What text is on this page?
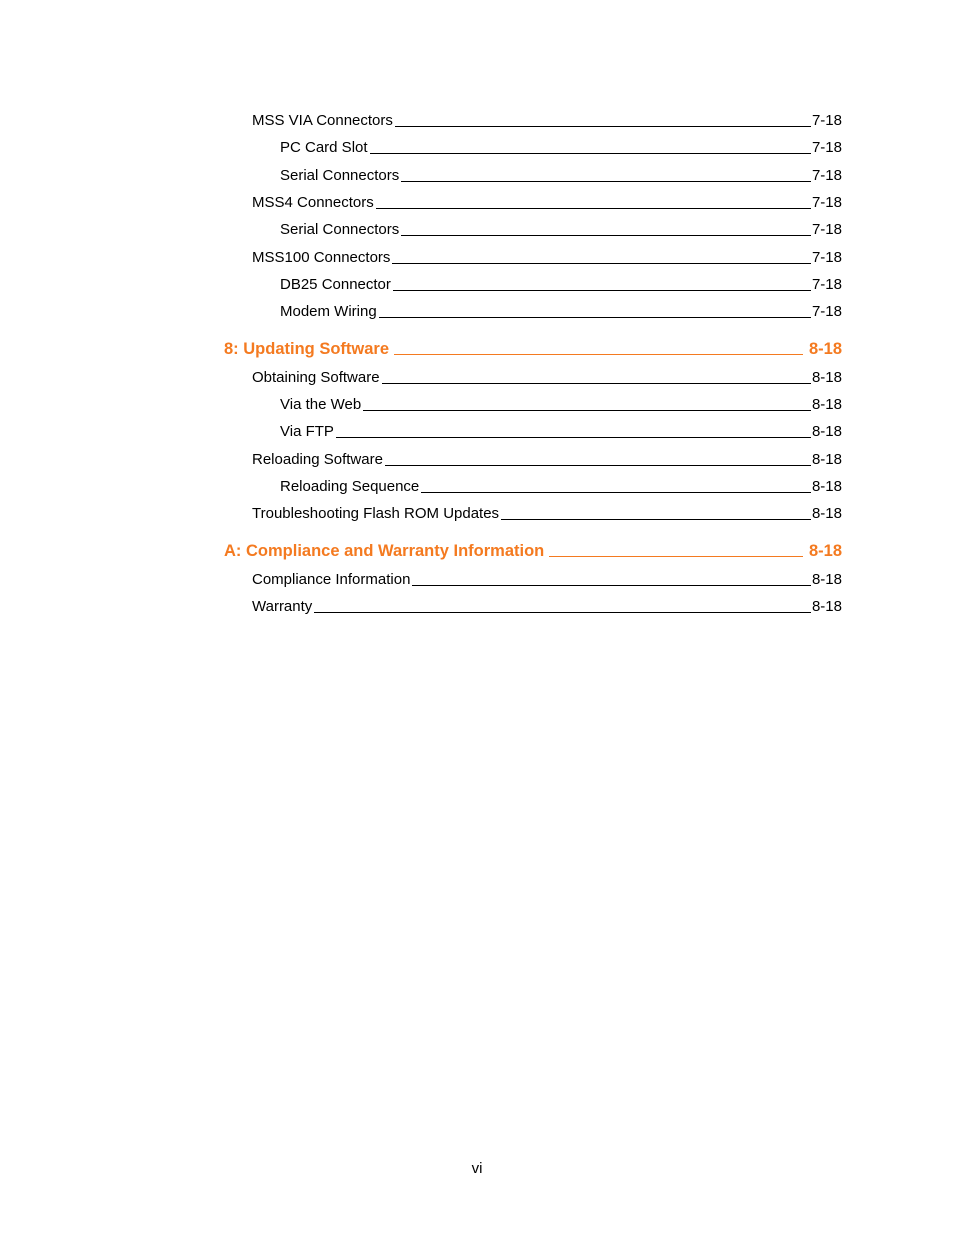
MSS VIA Connectors	7-18
PC Card Slot	7-18
Serial Connectors	7-18
MSS4 Connectors	7-18
Serial Connectors	7-18
MSS100 Connectors	7-18
DB25 Connector	7-18
Modem Wiring	7-18
8: Updating Software	8-18
Obtaining Software	8-18
Via the Web	8-18
Via FTP	8-18
Reloading Software	8-18
Reloading Sequence	8-18
Troubleshooting Flash ROM Updates	8-18
A: Compliance and Warranty Information	8-18
Compliance Information	8-18
Warranty	8-18
vi
